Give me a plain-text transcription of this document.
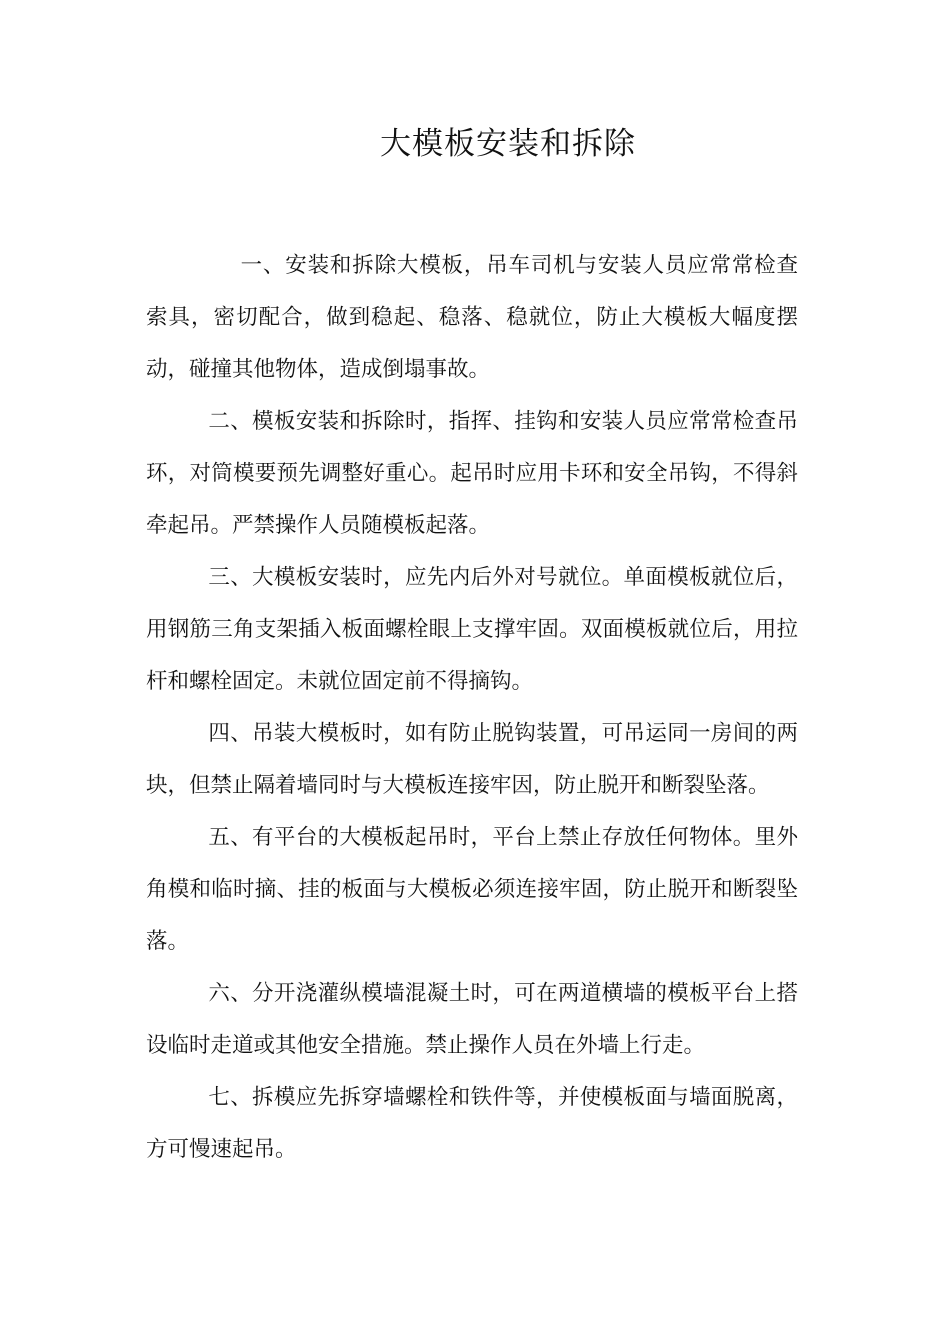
大模板安装和拆除

一、安装和拆除大模板，吊车司机与安装人员应常常检查索具，密切配合，做到稳起、稳落、稳就位，防止大模板大幅度摆动，碰撞其他物体，造成倒塌事故。

二、模板安装和拆除时，指挥、挂钩和安装人员应常常检查吊环，对筒模要预先调整好重心。起吊时应用卡环和安全吊钩，不得斜牵起吊。严禁操作人员随模板起落。

三、大模板安装时，应先内后外对号就位。单面模板就位后，用钢筋三角支架插入板面螺栓眼上支撑牢固。双面模板就位后，用拉杆和螺栓固定。未就位固定前不得摘钩。

四、吊装大模板时，如有防止脱钩装置，可吊运同一房间的两块，但禁止隔着墙同时与大模板连接牢因，防止脱开和断裂坠落。

五、有平台的大模板起吊时，平台上禁止存放任何物体。里外角模和临时摘、挂的板面与大模板必须连接牢固，防止脱开和断裂坠落。

六、分开浇灌纵模墙混凝土时，可在两道横墙的模板平台上搭设临时走道或其他安全措施。禁止操作人员在外墙上行走。

七、拆模应先拆穿墙螺栓和铁件等，并使模板面与墙面脱离，方可慢速起吊。
